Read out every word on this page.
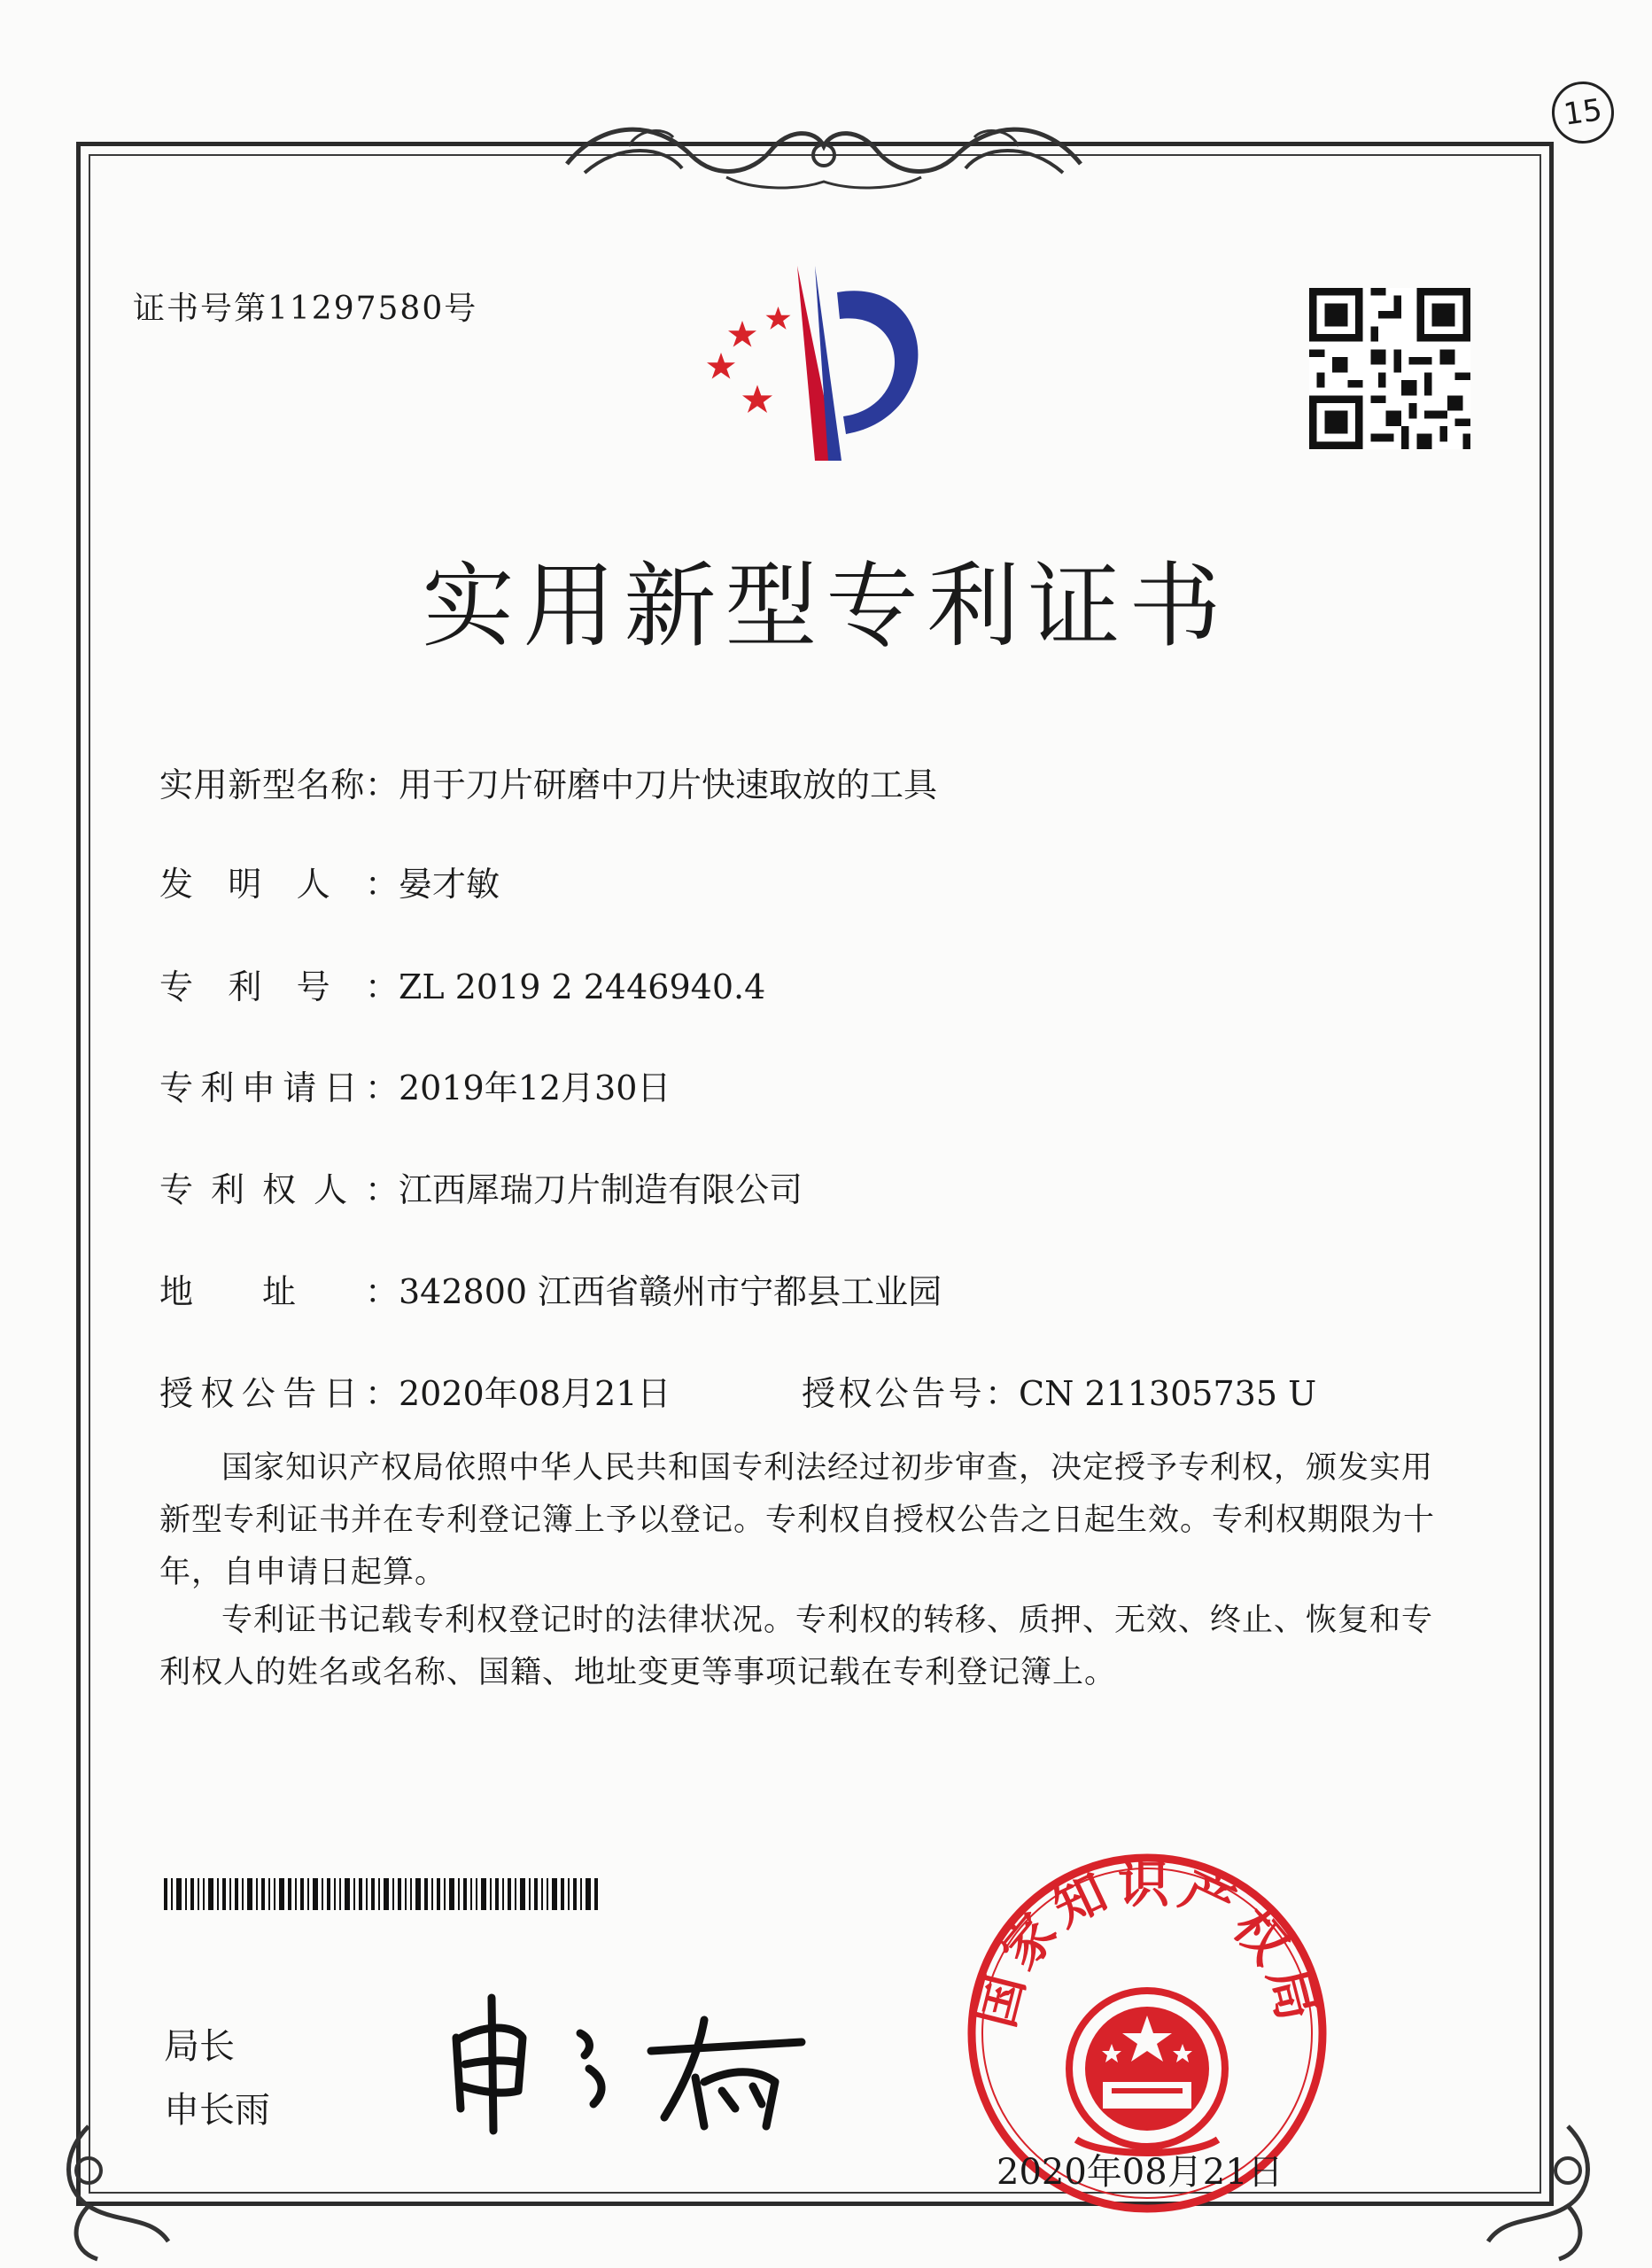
15
证书号第11297580号
实用新型专利证书
实用新型名称：用于刀片研磨中刀片快速取放的工具
发明人：晏才敏
专利号：ZL 2019 2 2446940.4
专利申请日：2019年12月30日
专利权人：江西犀瑞刀片制造有限公司
地址：342800 江西省赣州市宁都县工业园
授权公告日：2020年08月21日	授权公告号：CN 211305735 U
国家知识产权局依照中华人民共和国专利法经过初步审查，决定授予专利权，颁发实用新型专利证书并在专利登记簿上予以登记。专利权自授权公告之日起生效。专利权期限为十年，自申请日起算。
专利证书记载专利权登记时的法律状况。专利权的转移、质押、无效、终止、恢复和专利权人的姓名或名称、国籍、地址变更等事项记载在专利登记簿上。
局长
申长雨
国家知识产权局
2020年08月21日
